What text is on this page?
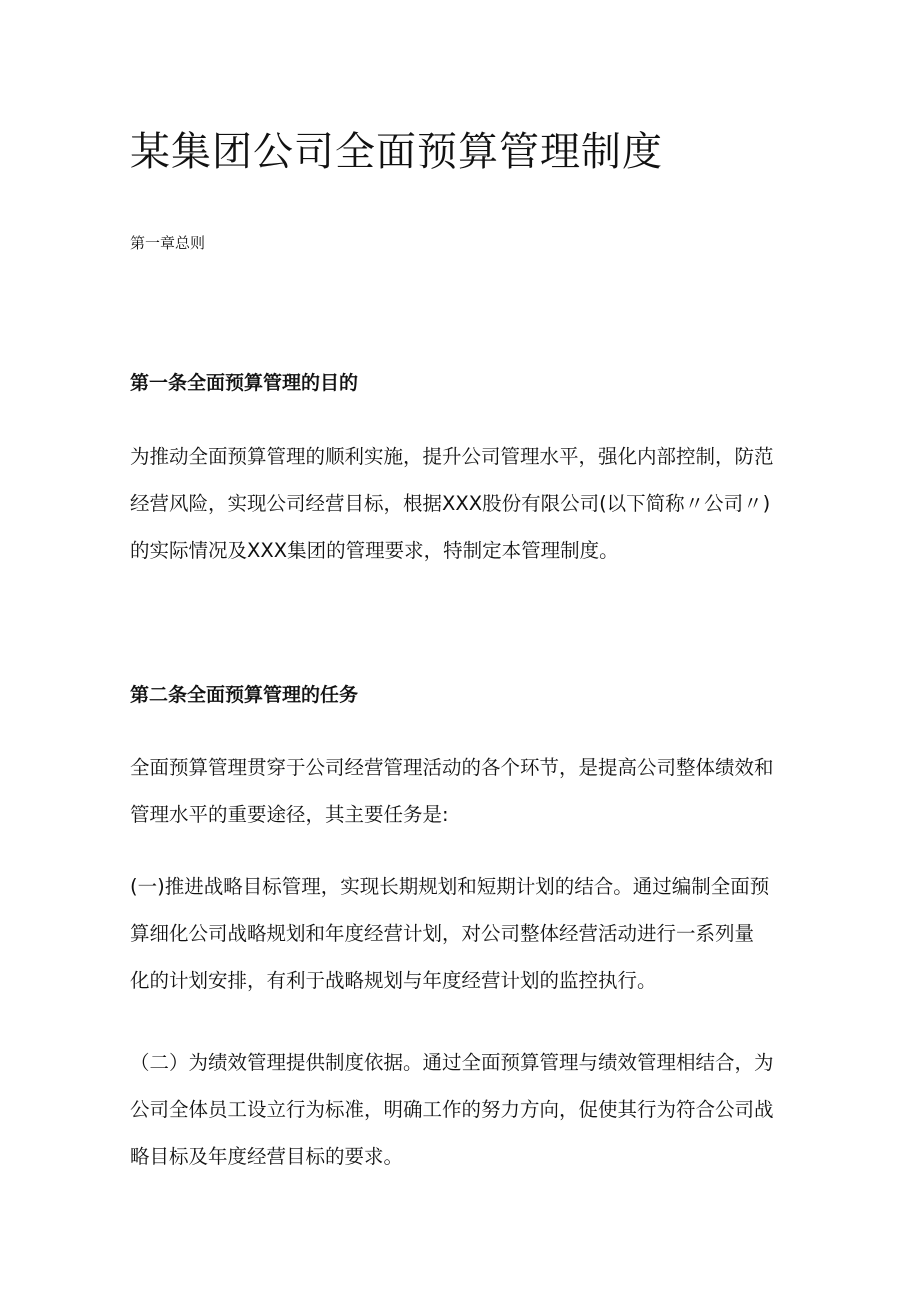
某集团公司全面预算管理制度

第一章总则

第一条全面预算管理的目的

为推动全面预算管理的顺利实施，提升公司管理水平，强化内部控制，防范
经营风险，实现公司经营目标，根据XXX股份有限公司(以下简称〃公司〃)
的实际情况及XXX集团的管理要求，特制定本管理制度。

第二条全面预算管理的任务

全面预算管理贯穿于公司经营管理活动的各个环节，是提高公司整体绩效和
管理水平的重要途径，其主要任务是:

(一)推进战略目标管理，实现长期规划和短期计划的结合。通过编制全面预
算细化公司战略规划和年度经营计划，对公司整体经营活动进行一系列量
化的计划安排，有利于战略规划与年度经营计划的监控执行。

（二）为绩效管理提供制度依据。通过全面预算管理与绩效管理相结合，为
公司全体员工设立行为标准，明确工作的努力方向，促使其行为符合公司战
略目标及年度经营目标的要求。
